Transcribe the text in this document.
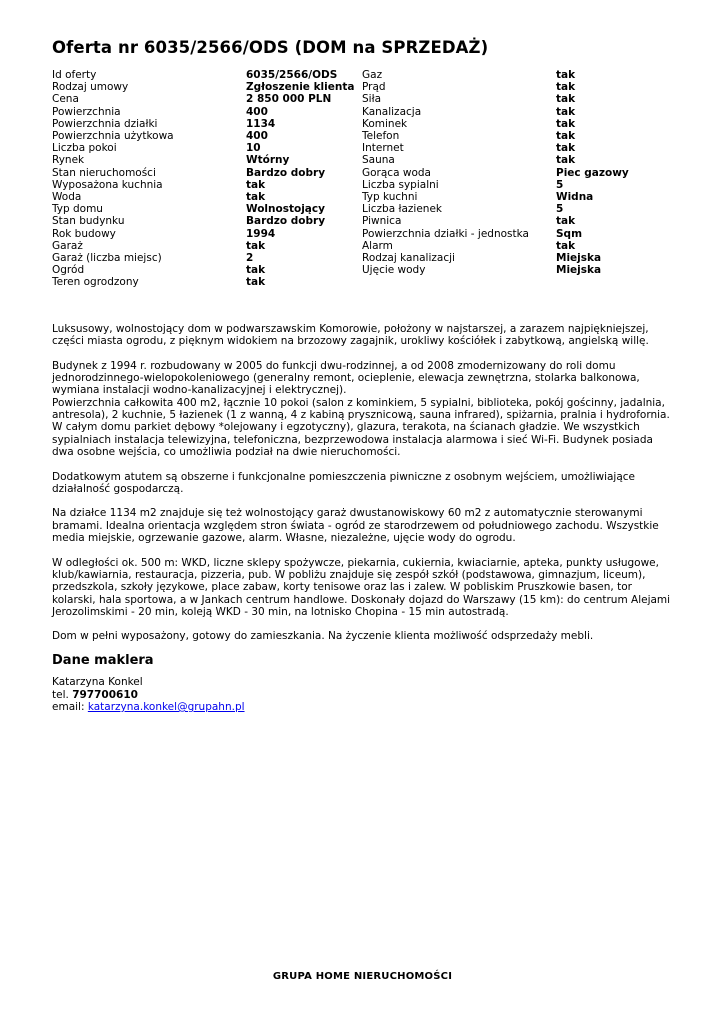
Oferta nr 6035/2566/ODS (DOM na SPRZEDAŻ)
Id oferty	6035/2566/ODS	Gaz	tak
Rodzaj umowy	Zgłoszenie klienta	Prąd	tak
Cena	2 850 000 PLN	Siła	tak
Powierzchnia	400	Kanalizacja	tak
Powierzchnia działki	1134	Kominek	tak
Powierzchnia użytkowa	400	Telefon	tak
Liczba pokoi	10	Internet	tak
Rynek	Wtórny	Sauna	tak
Stan nieruchomości	Bardzo dobry	Gorąca woda	Piec gazowy
Wyposażona kuchnia	tak	Liczba sypialni	5
Woda	tak	Typ kuchni	Widna
Typ domu	Wolnostojący	Liczba łazienek	5
Stan budynku	Bardzo dobry	Piwnica	tak
Rok budowy	1994	Powierzchnia działki - jednostka	Sqm
Garaż	tak	Alarm	tak
Garaż (liczba miejsc)	2	Rodzaj kanalizacji	Miejska
Ogród	tak	Ujęcie wody	Miejska
Teren ogrodzony	tak		

Luksusowy, wolnostojący dom w podwarszawskim Komorowie, położony w najstarszej, a zarazem najpiękniejszej, części miasta ogrodu, z pięknym widokiem na brzozowy zagajnik, urokliwy kościółek i zabytkową, angielską willę.

Budynek z 1994 r. rozbudowany w 2005 do funkcji dwu-rodzinnej, a od 2008 zmodernizowany do roli domu jednorodzinnego-wielopokoleniowego (generalny remont, ocieplenie, elewacja zewnętrzna, stolarka balkonowa, wymiana instalacji wodno-kanalizacyjnej i elektrycznej).
Powierzchnia całkowita 400 m2, łącznie 10 pokoi (salon z kominkiem, 5 sypialni, biblioteka, pokój gościnny, jadalnia, antresola), 2 kuchnie, 5 łazienek (1 z wanną, 4 z kabiną prysznicową, sauna infrared), spiżarnia, pralnia i hydrofornia. W całym domu parkiet dębowy *olejowany i egzotyczny), glazura, terakota, na ścianach gładzie. We wszystkich sypialniach instalacja telewizyjna, telefoniczna, bezprzewodowa instalacja alarmowa i sieć Wi-Fi. Budynek posiada dwa osobne wejścia, co umożliwia podział na dwie nieruchomości.

Dodatkowym atutem są obszerne i funkcjonalne pomieszczenia piwniczne z osobnym wejściem, umożliwiające działalność gospodarczą.

Na działce 1134 m2 znajduje się też wolnostojący garaż dwustanowiskowy 60 m2 z automatycznie sterowanymi bramami. Idealna orientacja względem stron świata - ogród ze starodrzewem od południowego zachodu. Wszystkie media miejskie, ogrzewanie gazowe, alarm. Własne, niezależne, ujęcie wody do ogrodu.

W odległości ok. 500 m: WKD, liczne sklepy spożywcze, piekarnia, cukiernia, kwiaciarnie, apteka, punkty usługowe, klub/kawiarnia, restauracja, pizzeria, pub. W pobliżu znajduje się zespół szkół (podstawowa, gimnazjum, liceum), przedszkola, szkoły językowe, place zabaw, korty tenisowe oraz las i zalew. W pobliskim Pruszkowie basen, tor kolarski, hala sportowa, a w Jankach centrum handlowe. Doskonały dojazd do Warszawy (15 km): do centrum Alejami Jerozolimskimi - 20 min, koleją WKD - 30 min, na lotnisko Chopina - 15 min autostradą.

Dom w pełni wyposażony, gotowy do zamieszkania. Na życzenie klienta możliwość odsprzedaży mebli.

Dane maklera
Katarzyna Konkel
tel. 797700610
email: katarzyna.konkel@grupahn.pl
GRUPA HOME NIERUCHOMOŚCI
